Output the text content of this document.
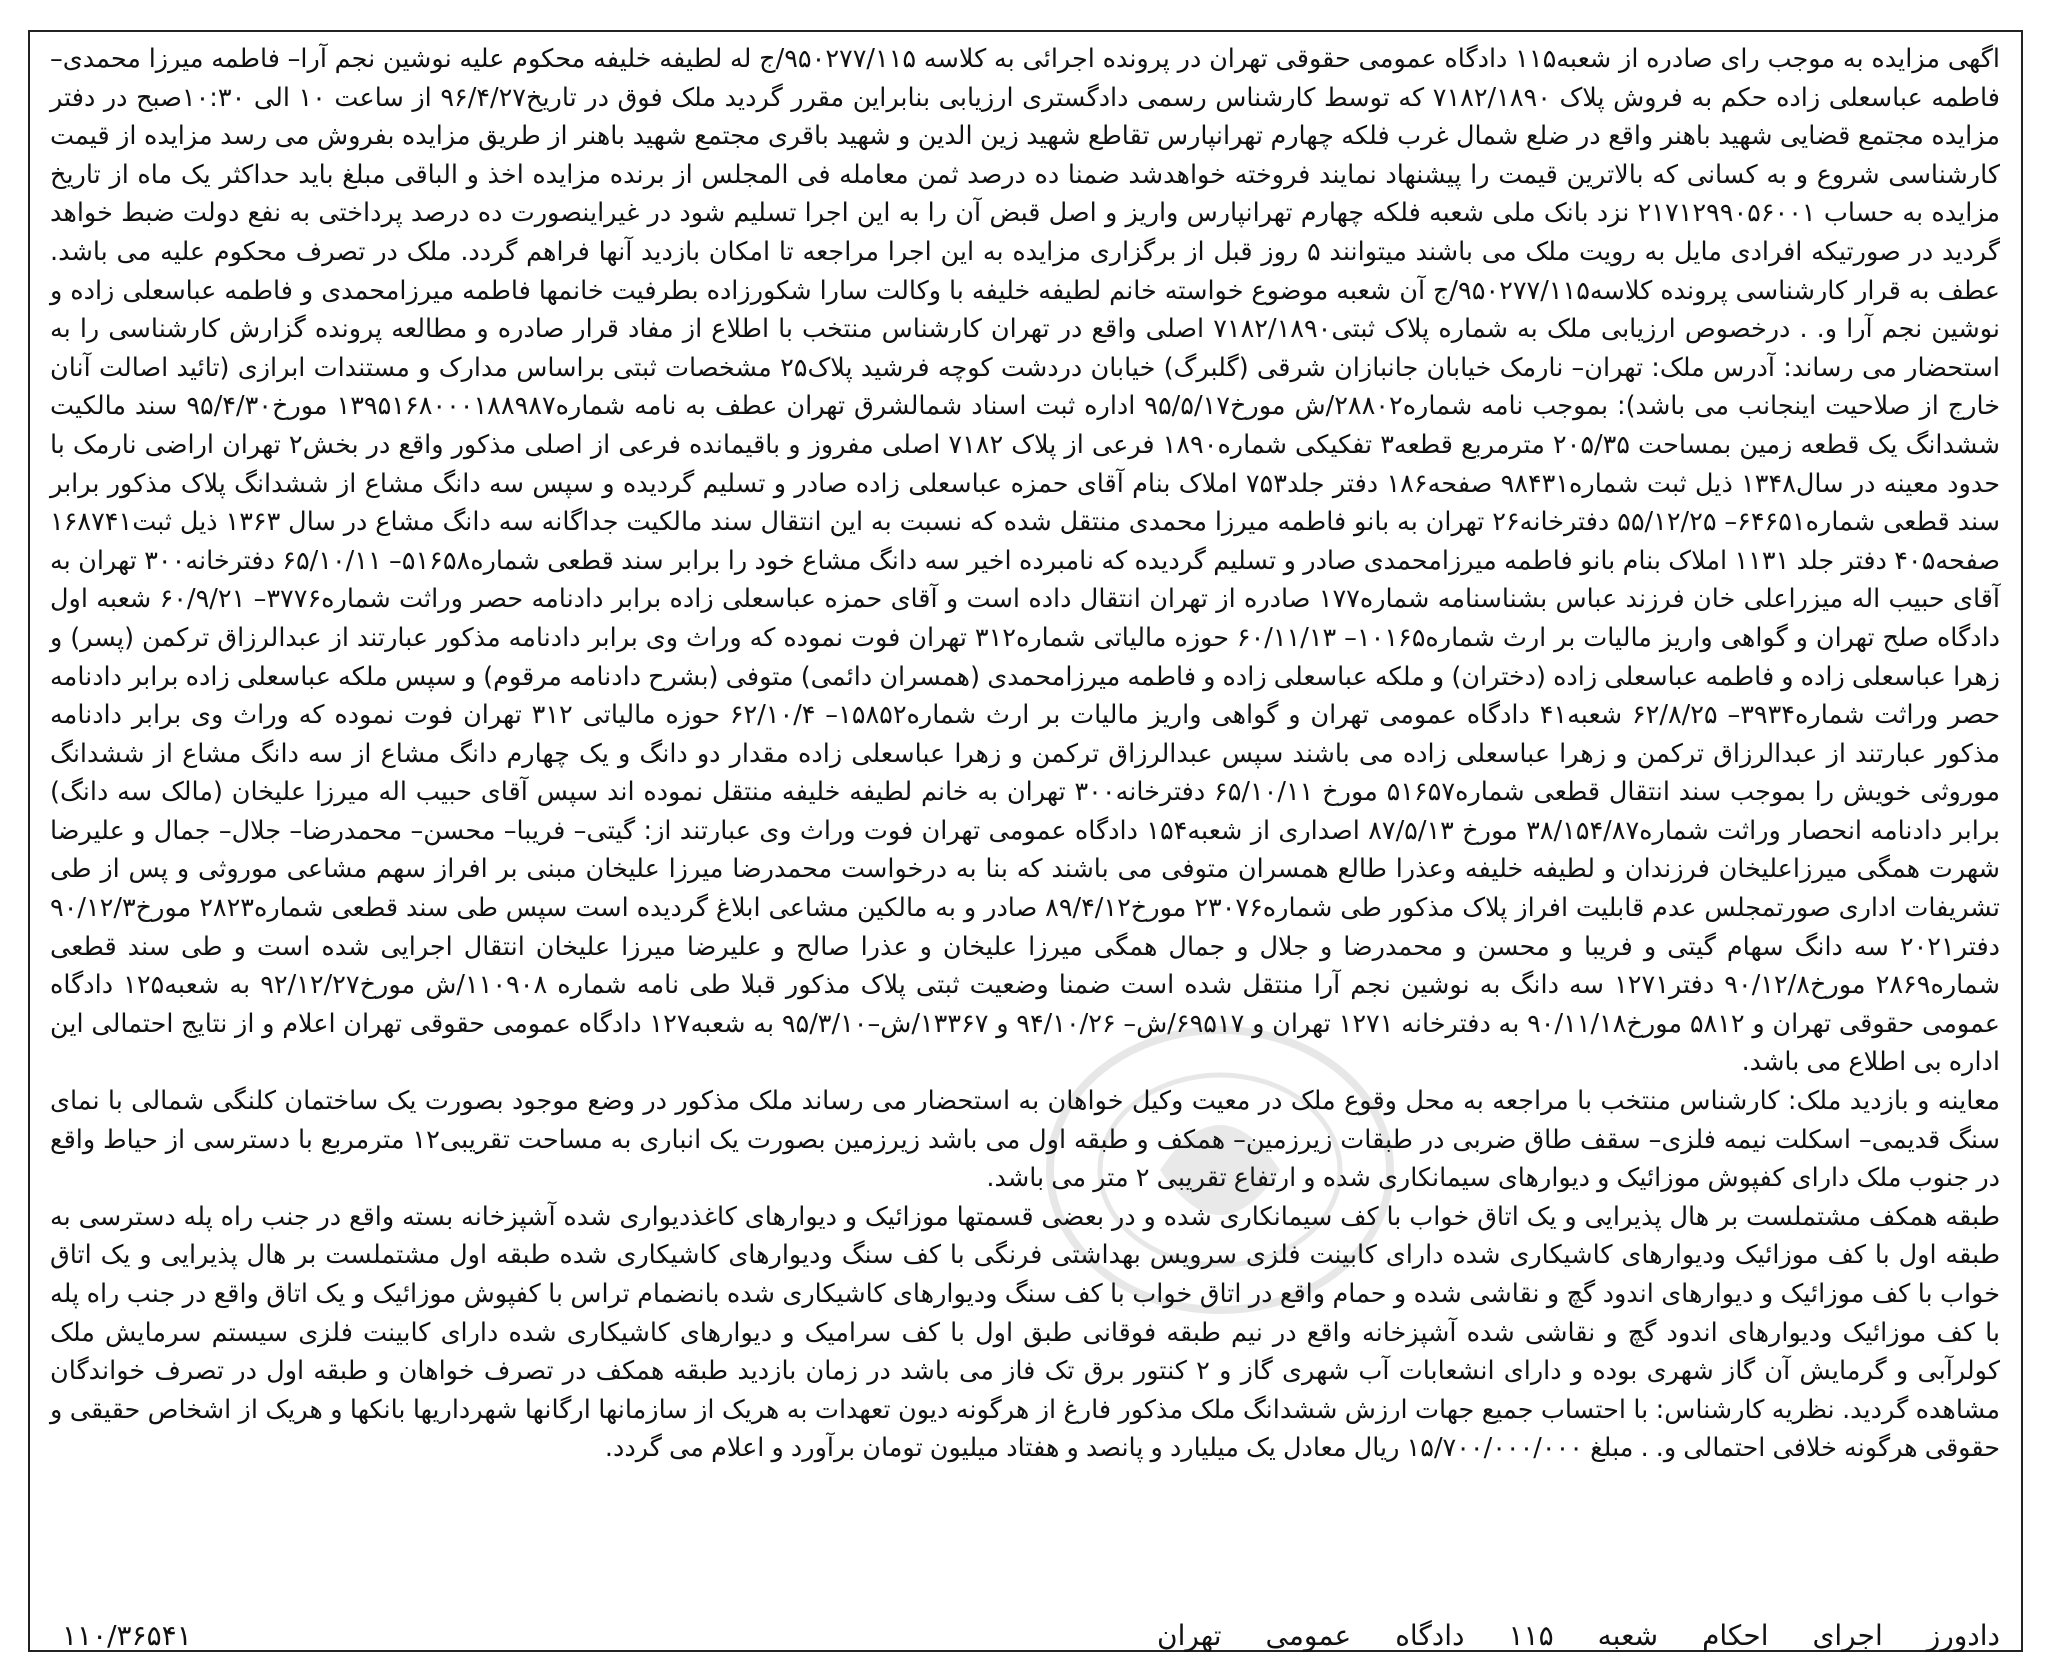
اگهی مزایده به موجب رای صادره از شعبه۱۱۵ دادگاه عمومی حقوقی تهران در پرونده اجرائی به کلاسه ۹۵۰۲۷۷/۱۱۵/ج له لطیفه خلیفه محکوم علیه نوشین نجم آرا– فاطمه میرزا محمدی– فاطمه عباسعلی زاده حکم به فروش پلاک ۷۱۸۲/۱۸۹۰ که توسط کارشناس رسمی دادگستری ارزیابی بنابراین مقرر گردید ملک فوق در تاریخ۹۶/۴/۲۷ از ساعت ۱۰ الی ۱۰:۳۰صبح در دفتر مزایده مجتمع قضایی شهید باهنر واقع در ضلع شمال غرب فلکه چهارم تهرانپارس تقاطع شهید زین الدین و شهید باقری مجتمع شهید باهنر از طریق مزایده بفروش می رسد مزایده از قیمت کارشناسی شروع و به کسانی که بالاترین قیمت را پیشنهاد نمایند فروخته خواهدشد ضمنا ده درصد ثمن معامله فی المجلس از برنده مزایده اخذ و الباقی مبلغ باید حداکثر یک ماه از تاریخ مزایده به حساب ۲۱۷۱۲۹۹۰۵۶۰۰۱ نزد بانک ملی شعبه فلکه چهارم تهرانپارس واریز و اصل قبض آن را به این اجرا تسلیم شود در غیراینصورت ده درصد پرداختی به نفع دولت ضبط خواهد گردید در صورتیکه افرادی مایل به رویت ملک می باشند میتوانند ۵ روز قبل از برگزاری مزایده به این اجرا مراجعه تا امکان بازدید آنها فراهم گردد. ملک در تصرف محکوم علیه می باشد. عطف به قرار کارشناسی پرونده کلاسه۹۵۰۲۷۷/۱۱۵/ج آن شعبه موضوع خواسته خانم لطیفه خلیفه با وکالت سارا شکورزاده بطرفیت خانمها فاطمه میرزامحمدی و فاطمه عباسعلی زاده و نوشین نجم آرا و. . درخصوص ارزیابی ملک به شماره پلاک ثبتی۷۱۸۲/۱۸۹۰ اصلی واقع در تهران کارشناس منتخب با اطلاع از مفاد قرار صادره و مطالعه پرونده گزارش کارشناسی را به استحضار می رساند: آدرس ملک: تهران– نارمک خیابان جانبازان شرقی (گلبرگ) خیابان دردشت کوچه فرشید پلاک۲۵ مشخصات ثبتی براساس مدارک و مستندات ابرازی (تائید اصالت آنان خارج از صلاحیت اینجانب می باشد): بموجب نامه شماره۲۸۸۰۲/ش مورخ۹۵/۵/۱۷ اداره ثبت اسناد شمالشرق تهران عطف به نامه شماره۱۳۹۵۱۶۸۰۰۰۱۸۸۹۸۷ مورخ۹۵/۴/۳۰ سند مالکیت ششدانگ یک قطعه زمین بمساحت ۲۰۵/۳۵ مترمربع قطعه۳ تفکیکی شماره۱۸۹۰ فرعی از پلاک ۷۱۸۲ اصلی مفروز و باقیمانده فرعی از اصلی مذکور واقع در بخش۲ تهران اراضی نارمک با حدود معینه در سال۱۳۴۸ ذیل ثبت شماره۹۸۴۳۱ صفحه۱۸۶ دفتر جلد۷۵۳ املاک بنام آقای حمزه عباسعلی زاده صادر و تسلیم گردیده و سپس سه دانگ مشاع از ششدانگ پلاک مذکور برابر سند قطعی شماره۶۴۶۵۱– ۵۵/۱۲/۲۵ دفترخانه۲۶ تهران به بانو فاطمه میرزا محمدی منتقل شده که نسبت به این انتقال سند مالکیت جداگانه سه دانگ مشاع در سال ۱۳۶۳ ذیل ثبت۱۶۸۷۴۱ صفحه۴۰۵ دفتر جلد ۱۱۳۱ املاک بنام بانو فاطمه میرزامحمدی صادر و تسلیم گردیده که نامبرده اخیر سه دانگ مشاع خود را برابر سند قطعی شماره۵۱۶۵۸– ۶۵/۱۰/۱۱ دفترخانه۳۰۰ تهران به آقای حبیب اله میزراعلی خان فرزند عباس بشناسنامه شماره۱۷۷ صادره از تهران انتقال داده است و آقای حمزه عباسعلی زاده برابر دادنامه حصر وراثت شماره۳۷۷۶– ۶۰/۹/۲۱ شعبه اول دادگاه صلح تهران و گواهی واریز مالیات بر ارث شماره۱۰۱۶۵– ۶۰/۱۱/۱۳ حوزه مالیاتی شماره۳۱۲ تهران فوت نموده که وراث وی برابر دادنامه مذکور عبارتند از عبدالرزاق ترکمن (پسر) و زهرا عباسعلی زاده و فاطمه عباسعلی زاده (دختران) و ملکه عباسعلی زاده و فاطمه میرزامحمدی (همسران دائمی) متوفی (بشرح دادنامه مرقوم) و سپس ملکه عباسعلی زاده برابر دادنامه حصر وراثت شماره۳۹۳۴– ۶۲/۸/۲۵ شعبه۴۱ دادگاه عمومی تهران و گواهی واریز مالیات بر ارث شماره۱۵۸۵۲– ۶۲/۱۰/۴ حوزه مالیاتی ۳۱۲ تهران فوت نموده که وراث وی برابر دادنامه مذکور عبارتند از عبدالرزاق ترکمن و زهرا عباسعلی زاده می باشند سپس عبدالرزاق ترکمن و زهرا عباسعلی زاده مقدار دو دانگ و یک چهارم دانگ مشاع از سه دانگ مشاع از ششدانگ موروثی خویش را بموجب سند انتقال قطعی شماره۵۱۶۵۷ مورخ ۶۵/۱۰/۱۱ دفترخانه۳۰۰ تهران به خانم لطیفه خلیفه منتقل نموده اند سپس آقای حبیب اله میرزا علیخان (مالک سه دانگ) برابر دادنامه انحصار وراثت شماره۳۸/۱۵۴/۸۷ مورخ ۸۷/۵/۱۳ اصداری از شعبه۱۵۴ دادگاه عمومی تهران فوت وراث وی عبارتند از: گیتی– فریبا– محسن– محمدرضا– جلال– جمال و علیرضا شهرت همگی میرزاعلیخان فرزندان و لطیفه خلیفه وعذرا طالع همسران متوفی می باشند که بنا به درخواست محمدرضا میرزا علیخان مبنی بر افراز سهم مشاعی موروثی و پس از طی تشریفات اداری صورتمجلس عدم قابلیت افراز پلاک مذکور طی شماره۲۳۰۷۶ مورخ۸۹/۴/۱۲ صادر و به مالکین مشاعی ابلاغ گردیده است سپس طی سند قطعی شماره۲۸۲۳ مورخ۹۰/۱۲/۳ دفتر۲۰۲۱ سه دانگ سهام گیتی و فریبا و محسن و محمدرضا و جلال و جمال همگی میرزا علیخان و عذرا صالح و علیرضا میرزا علیخان انتقال اجرایی شده است و طی سند قطعی شماره۲۸۶۹ مورخ۹۰/۱۲/۸ دفتر۱۲۷۱ سه دانگ به نوشین نجم آرا منتقل شده است ضمنا وضعیت ثبتی پلاک مذکور قبلا طی نامه شماره ۱۱۰۹۰۸/ش مورخ۹۲/۱۲/۲۷ به شعبه۱۲۵ دادگاه عمومی حقوقی تهران و ۵۸۱۲ مورخ۹۰/۱۱/۱۸ به دفترخانه ۱۲۷۱ تهران و ۶۹۵۱۷/ش– ۹۴/۱۰/۲۶ و ۱۳۳۶۷/ش–۹۵/۳/۱۰ به شعبه۱۲۷ دادگاه عمومی حقوقی تهران اعلام و از نتایج احتمالی این اداره بی اطلاع می باشد.

معاینه و بازدید ملک: کارشناس منتخب با مراجعه به محل وقوع ملک در معیت وکیل خواهان به استحضار می رساند ملک مذکور در وضع موجود بصورت یک ساختمان کلنگی شمالی با نمای سنگ قدیمی– اسکلت نیمه فلزی– سقف طاق ضربی در طبقات زیرزمین– همکف و طبقه اول می باشد زیرزمین بصورت یک انباری به مساحت تقریبی۱۲ مترمربع با دسترسی از حیاط واقع در جنوب ملک دارای کفپوش موزائیک و دیوارهای سیمانکاری شده و ارتفاع تقریبی ۲ متر می باشد.

طبقه همکف مشتملست بر هال پذیرایی و یک اتاق خواب با کف سیمانکاری شده و در بعضی قسمتها موزائیک و دیوارهای کاغذدیواری شده آشپزخانه بسته واقع در جنب راه پله دسترسی به طبقه اول با کف موزائیک ودیوارهای کاشیکاری شده دارای کابینت فلزی سرویس بهداشتی فرنگی با کف سنگ ودیوارهای کاشیکاری شده طبقه اول مشتملست بر هال پذیرایی و یک اتاق خواب با کف موزائیک و دیوارهای اندود گچ و نقاشی شده و حمام واقع در اتاق خواب با کف سنگ ودیوارهای کاشیکاری شده بانضمام تراس با کفپوش موزائیک و یک اتاق واقع در جنب راه پله با کف موزائیک ودیوارهای اندود گچ و نقاشی شده آشپزخانه واقع در نیم طبقه فوقانی طبق اول با کف سرامیک و دیوارهای کاشیکاری شده دارای کابینت فلزی سیستم سرمایش ملک کولرآبی و گرمایش آن گاز شهری بوده و دارای انشعابات آب شهری گاز و ۲ کنتور برق تک فاز می باشد در زمان بازدید طبقه همکف در تصرف خواهان و طبقه اول در تصرف خواندگان مشاهده گردید. نظریه کارشناس: با احتساب جمیع جهات ارزش ششدانگ ملک مذکور فارغ از هرگونه دیون تعهدات به هریک از سازمانها ارگانها شهرداریها بانکها و هریک از اشخاص حقیقی و حقوقی هرگونه خلافی احتمالی و. . مبلغ ۱۵/۷۰۰/۰۰۰/۰۰۰ ریال معادل یک میلیارد و پانصد و هفتاد میلیون تومان برآورد و اعلام می گردد.

دادورز
اجرای
احکام
شعبه
۱۱۵
دادگاه
عمومی
تهران
۱۱۰/۳۶۵۴۱
